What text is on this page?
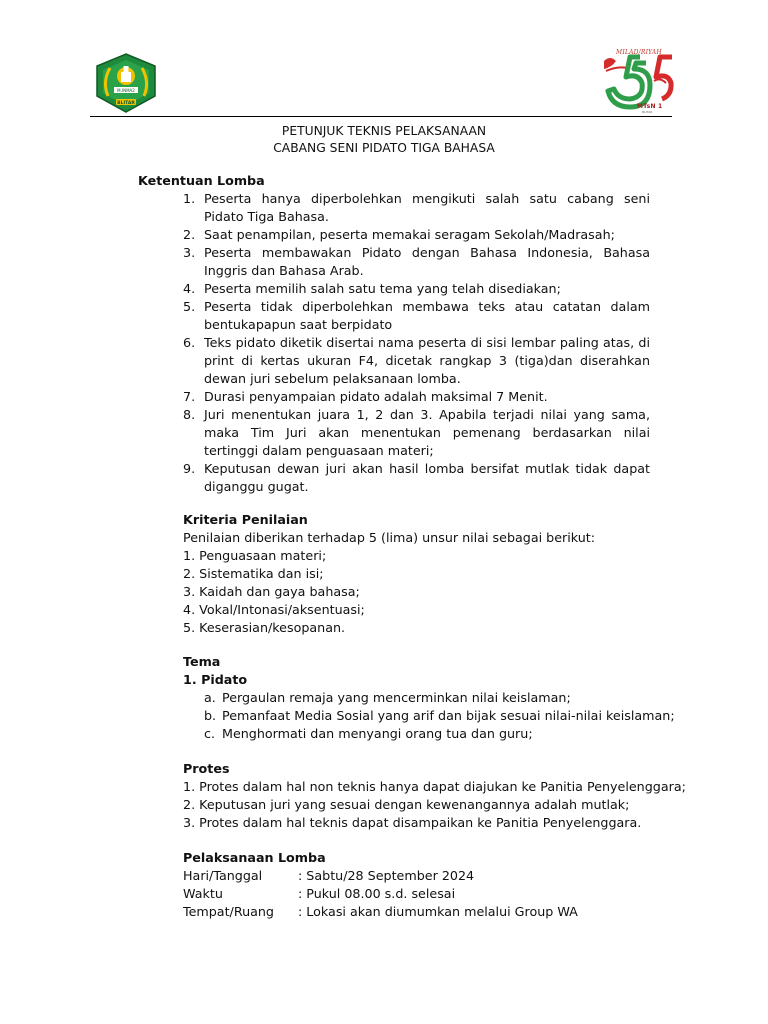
M.INMA2
BLITAR
MILAD/RIYAH
MTsN 1
BLITAR
PETUNJUK TEKNIS PELAKSANAAN
CABANG SENI PIDATO TIGA BAHASA
Ketentuan Lomba
1. Peserta hanya diperbolehkan mengikuti salah satu cabang seni Pidato Tiga Bahasa.
2. Saat penampilan, peserta memakai seragam Sekolah/Madrasah;
3. Peserta membawakan Pidato dengan Bahasa Indonesia, Bahasa Inggris dan Bahasa Arab.
4. Peserta memilih salah satu tema yang telah disediakan;
5. Peserta tidak diperbolehkan membawa teks atau catatan dalam bentukapapun saat berpidato
6. Teks pidato diketik disertai nama peserta di sisi lembar paling atas, di print di kertas ukuran F4, dicetak rangkap 3 (tiga)dan diserahkan dewan juri sebelum pelaksanaan lomba.
7. Durasi penyampaian pidato adalah maksimal 7 Menit.
8. Juri menentukan juara 1, 2 dan 3. Apabila terjadi nilai yang sama, maka Tim Juri akan menentukan pemenang berdasarkan nilai tertinggi dalam penguasaan materi;
9. Keputusan dewan juri akan hasil lomba bersifat mutlak tidak dapat diganggu gugat.
Kriteria Penilaian
Penilaian diberikan terhadap 5 (lima) unsur nilai sebagai berikut:
1. Penguasaan materi;
2. Sistematika dan isi;
3. Kaidah dan gaya bahasa;
4. Vokal/Intonasi/aksentuasi;
5. Keserasian/kesopanan.
Tema
1. Pidato
a. Pergaulan remaja yang mencerminkan nilai keislaman;
b. Pemanfaat Media Sosial yang arif dan bijak sesuai nilai-nilai keislaman;
c. Menghormati dan menyangi orang tua dan guru;
Protes
1. Protes dalam hal non teknis hanya dapat diajukan ke Panitia Penyelenggara;
2. Keputusan juri yang sesuai dengan kewenangannya adalah mutlak;
3. Protes dalam hal teknis dapat disampaikan ke Panitia Penyelenggara.
Pelaksanaan Lomba
Hari/Tanggal	: Sabtu/28 September 2024
Waktu	: Pukul 08.00 s.d. selesai
Tempat/Ruang	: Lokasi akan diumumkan melalui Group WA
